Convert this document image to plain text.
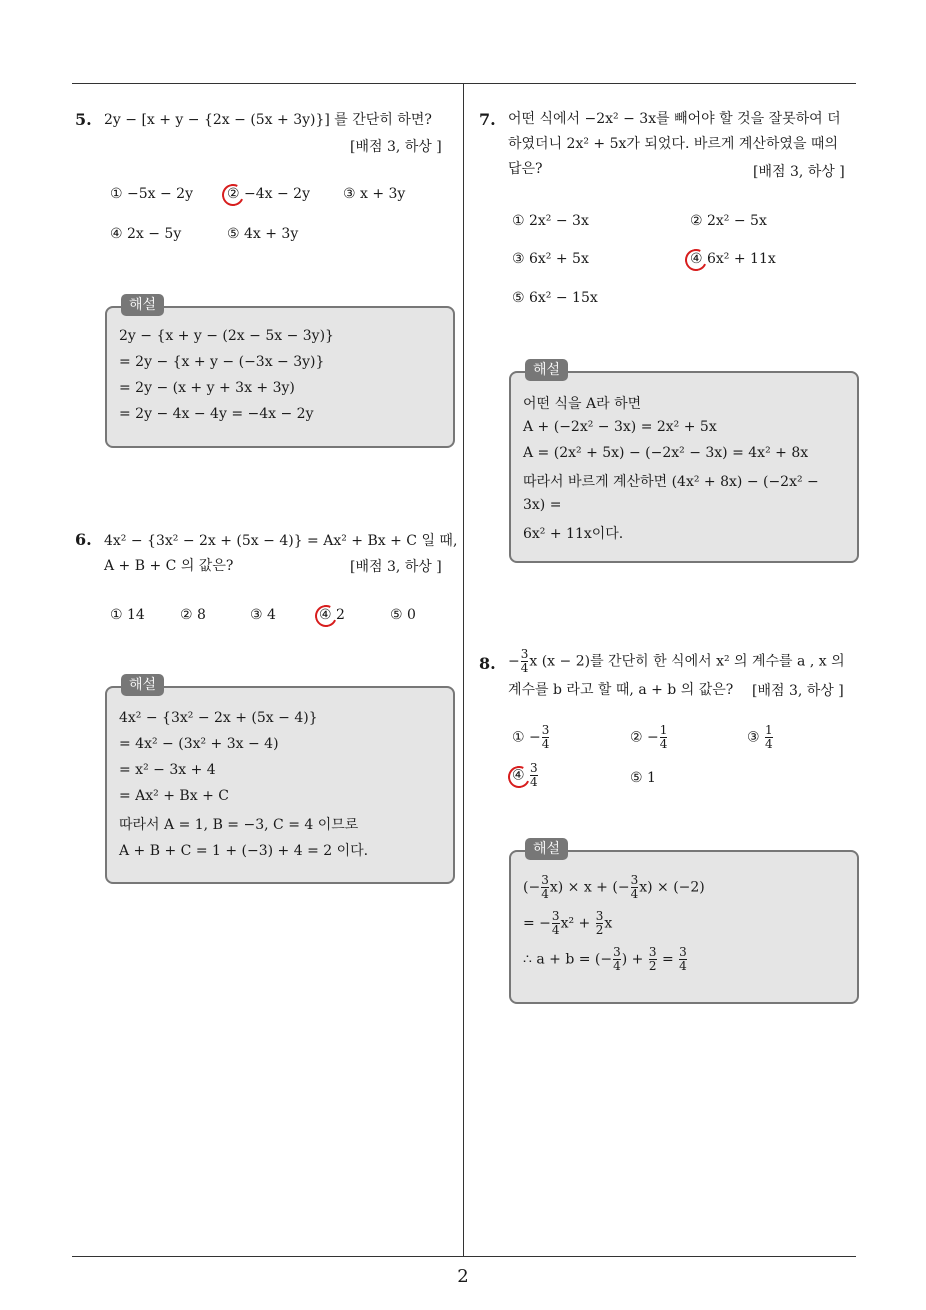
2
5. 2y − [x + y − {2x − (5x + 3y)}] 를 간단히 하면?
[배점 3, 하상 ]
① −5x − 2y ② −4x − 2y ③ x + 3y
④ 2x − 5y	⑤ 4x + 3y
해설
2y − {x + y − (2x − 5x − 3y)}
= 2y − {x + y − (−3x − 3y)}
= 2y − (x + y + 3x + 3y)
= 2y − 4x − 4y = −4x − 2y
6. 4x² − {3x² − 2x + (5x − 4)} = Ax² + Bx + C 일 때,
A + B + C 의 값은?	[배점 3, 하상 ]
① 14	② 8	③ 4	④ 2	⑤ 0
해설
4x² − {3x² − 2x + (5x − 4)}
= 4x² − (3x² + 3x − 4)
= x² − 3x + 4
= Ax² + Bx + C
따라서 A = 1, B = −3, C = 4 이므로
A + B + C = 1 + (−3) + 4 = 2 이다.
7. 어떤 식에서 −2x² − 3x를 빼어야 할 것을 잘못하여 더
하였더니 2x² + 5x가 되었다. 바르게 계산하였을 때의
답은?	[배점 3, 하상 ]
① 2x² − 3x	② 2x² − 5x
③ 6x² + 5x	④ 6x² + 11x
⑤ 6x² − 15x
해설
어떤 식을 A라 하면
A + (−2x² − 3x) = 2x² + 5x
A = (2x² + 5x) − (−2x² − 3x) = 4x² + 8x
따라서 바르게 계산하면 (4x² + 8x) − (−2x² −
3x) =
6x² + 11x이다.
8. − $\frac{3}{4}$ x (x − 2)를 간단히 한 식에서 x² 의 계수를 a , x 의
계수를 b 라고 할 때, a + b 의 값은? [배점 3, 하상 ]
① − $\frac{3}{4}$	② − $\frac{1}{4}$	③ $\frac{1}{4}$
④ $\frac{3}{4}$	⑤ 1
해설
(− $\frac{3}{4} x) \times x$ + (− $\frac{3}{4} x) \times (-2)$
= − $\frac{3}{4} x^2 + \frac{3}{2}$ x
∴ a + b = (− $\frac{3}{4}$ ) + $\frac{3}{2} = \frac{3}{4}$
